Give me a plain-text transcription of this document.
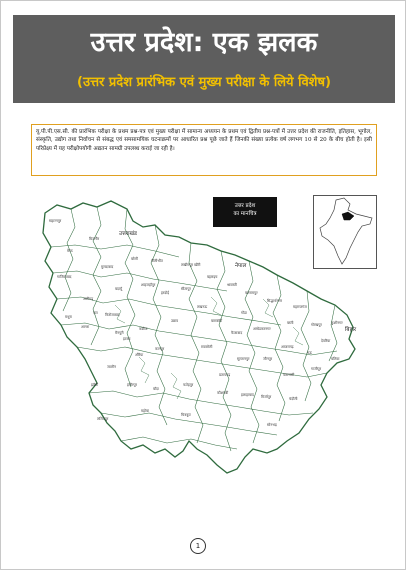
उत्तर प्रदेश: एक झलक
(उत्तर प्रदेश प्रारंभिक एवं मुख्य परीक्षा के लिये विशेष)
यू.पी.पी.एस.सी. की प्रारंभिक परीक्षा के प्रथम प्रश्न-पत्र एवं मुख्य परीक्षा में सामान्य अध्ययन के प्रथम एवं द्वितीय प्रश्न-पत्रों में उत्तर प्रदेश की राजनीति, इतिहास, भूगोल, संस्कृति, उद्योग तथा निर्वाचन से संबद्ध एवं समसामयिक घटनाक्रमों पर आधारित प्रश्न पूछे जाते हैं जिनकी संख्या प्रत्येक वर्ष लगभग 10 से 20 के बीच होती है। इसी परिप्रेक्ष्य में यह परीक्षोपयोगी अद्यतन सामग्री उपलब्ध कराई जा रही है।
उत्तराखंड
नेपाल
बिहार
सहारनपुर
बिजनौर
मुरादाबाद
बरेली	पीलीभीत
लखीमपुर खीरी
बहराइच
श्रावस्ती
बलरामपुर
सिद्धार्थनगर
महराजगंज
गोरखपुर	कुशीनगर
देवरिया
बस्ती
गोंडा
सीतापुर
हरदोई
शाहजहाँपुर
बदायूँ
अलीगढ़
मथुरा
आगरा
फिरोजाबाद
मैनपुरी
एटा
कन्नौज
कानपुर
उन्नाव
लखनऊ
बाराबंकी
फैजाबाद
अम्बेडकरनगर
आजमगढ़
मऊ
बलिया
गाजीपुर
वाराणसी
जौनपुर
सुल्तानपुर
प्रतापगढ़
इलाहाबाद
कौशाम्बी
फतेहपुर
रायबरेली
बाँदा
हमीरपुर
जालौन
झाँसी
ललितपुर
महोबा
चित्रकूट
मिर्जापुर
सोनभद्र
चंदौली
इटावा
औरैया
मेरठ
गाजियाबाद
उत्तर प्रदेश
का मानचित्र
1
